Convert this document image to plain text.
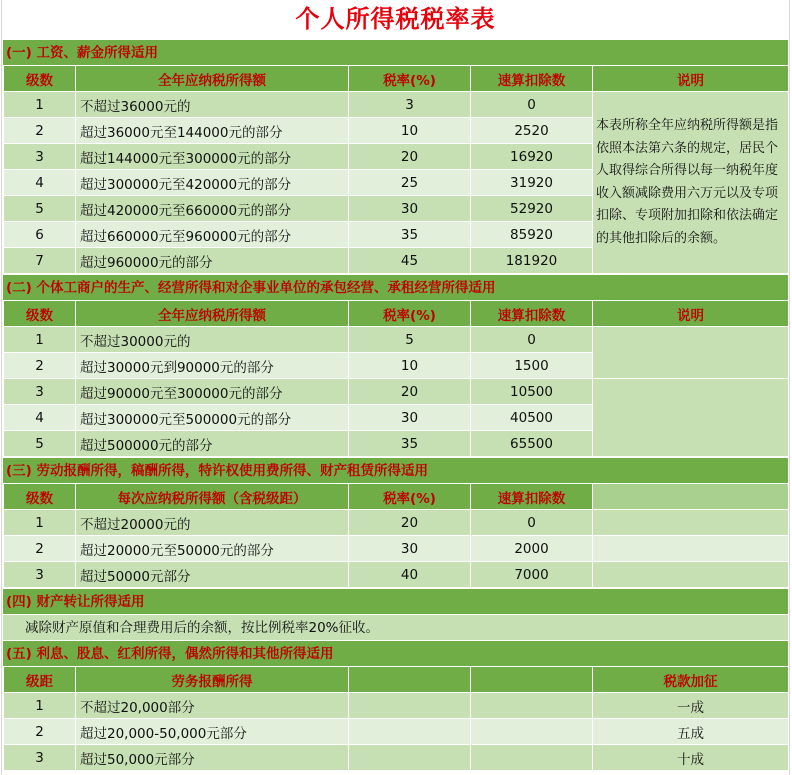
个人所得税税率表
(一) 工资、薪金所得适用
级数	全年应纳税所得额	税率(%)	速算扣除数	说明
1	不超过36000元的	3	0	本表所称全年应纳税所得额是指依照本法第六条的规定，居民个人取得综合所得以每一纳税年度收入额减除费用六万元以及专项扣除、专项附加扣除和依法确定的其他扣除后的余额。
2	超过36000元至144000元的部分	10	2520	
3	超过144000元至300000元的部分	20	16920	
4	超过300000元至420000元的部分	25	31920	
5	超过420000元至660000元的部分	30	52920	
6	超过660000元至960000元的部分	35	85920	
7	超过960000元的部分	45	181920	
(二) 个体工商户的生产、经营所得和对企事业单位的承包经营、承租经营所得适用
级数	全年应纳税所得额	税率(%)	速算扣除数	说明
1	不超过30000元的	5	0	
2	超过30000元到90000元的部分	10	1500	
3	超过90000元至300000元的部分	20	10500	
4	超过300000元至500000元的部分	30	40500	
5	超过500000元的部分	35	65500	
(三) 劳动报酬所得，稿酬所得，特许权使用费所得、财产租赁所得适用
级数	每次应纳税所得额（含税级距）	税率(%)	速算扣除数	
1	不超过20000元的	20	0	
2	超过20000元至50000元的部分	30	2000	
3	超过50000元部分	40	7000	
(四) 财产转让所得适用
减除财产原值和合理费用后的余额，按比例税率20%征收。
(五) 利息、股息、红利所得，偶然所得和其他所得适用
级距	劳务报酬所得			税款加征
1	不超过20,000部分			一成
2	超过20,000-50,000元部分			五成
3	超过50,000元部分			十成
